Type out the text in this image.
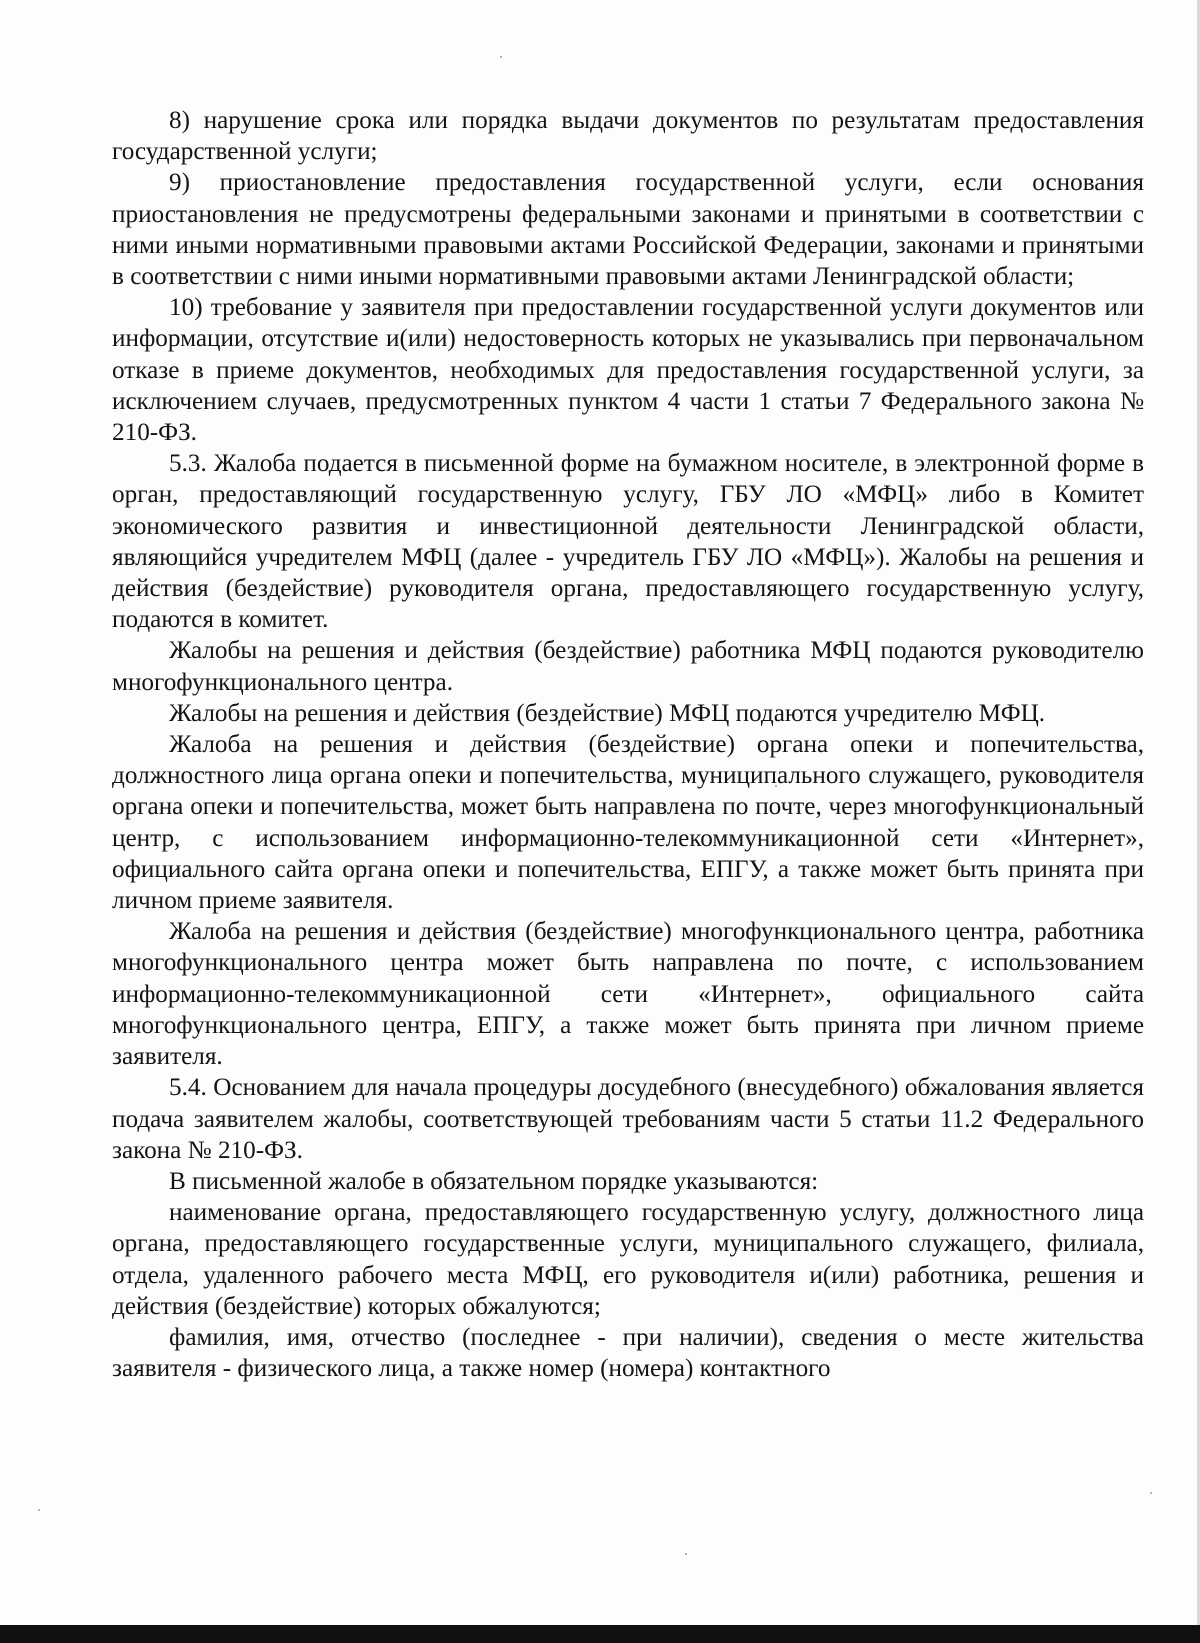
8) нарушение срока или порядка выдачи документов по результатам предоставления государственной услуги;

9) приостановление предоставления государственной услуги, если основания приостановления не предусмотрены федеральными законами и принятыми в соответствии с ними иными нормативными правовыми актами Российской Федерации, законами и принятыми в соответствии с ними иными нормативными правовыми актами Ленинградской области;

10) требование у заявителя при предоставлении государственной услуги документов или информации, отсутствие и(или) недостоверность которых не указывались при первоначальном отказе в приеме документов, необходимых для предоставления государственной услуги, за исключением случаев, предусмотренных пунктом 4 части 1 статьи 7 Федерального закона № 210-ФЗ.

5.3. Жалоба подается в письменной форме на бумажном носителе, в электронной форме в орган, предоставляющий государственную услугу, ГБУ ЛО «МФЦ» либо в Комитет экономического развития и инвестиционной деятельности Ленинградской области, являющийся учредителем МФЦ (далее - учредитель ГБУ ЛО «МФЦ»). Жалобы на решения и действия (бездействие) руководителя органа, предоставляющего государственную услугу, подаются в комитет.

Жалобы на решения и действия (бездействие) работника МФЦ подаются руководителю многофункционального центра.

Жалобы на решения и действия (бездействие) МФЦ подаются учредителю МФЦ.

Жалоба на решения и действия (бездействие) органа опеки и попечительства, должностного лица органа опеки и попечительства, муниципального служащего, руководителя органа опеки и попечительства, может быть направлена по почте, через многофункциональный центр, с использованием информационно-телекоммуникационной сети «Интернет», официального сайта органа опеки и попечительства, ЕПГУ, а также может быть принята при личном приеме заявителя.

Жалоба на решения и действия (бездействие) многофункционального центра, работника многофункционального центра может быть направлена по почте, с использованием информационно-телекоммуникационной сети «Интернет», официального сайта многофункционального центра, ЕПГУ, а также может быть принята при личном приеме заявителя.

5.4. Основанием для начала процедуры досудебного (внесудебного) обжалования является подача заявителем жалобы, соответствующей требованиям части 5 статьи 11.2 Федерального закона № 210-ФЗ.

В письменной жалобе в обязательном порядке указываются:

наименование органа, предоставляющего государственную услугу, должностного лица органа, предоставляющего государственные услуги, муниципального служащего, филиала, отдела, удаленного рабочего места МФЦ, его руководителя и(или) работника, решения и действия (бездействие) которых обжалуются;

фамилия, имя, отчество (последнее - при наличии), сведения о месте жительства заявителя - физического лица, а также номер (номера) контактного
